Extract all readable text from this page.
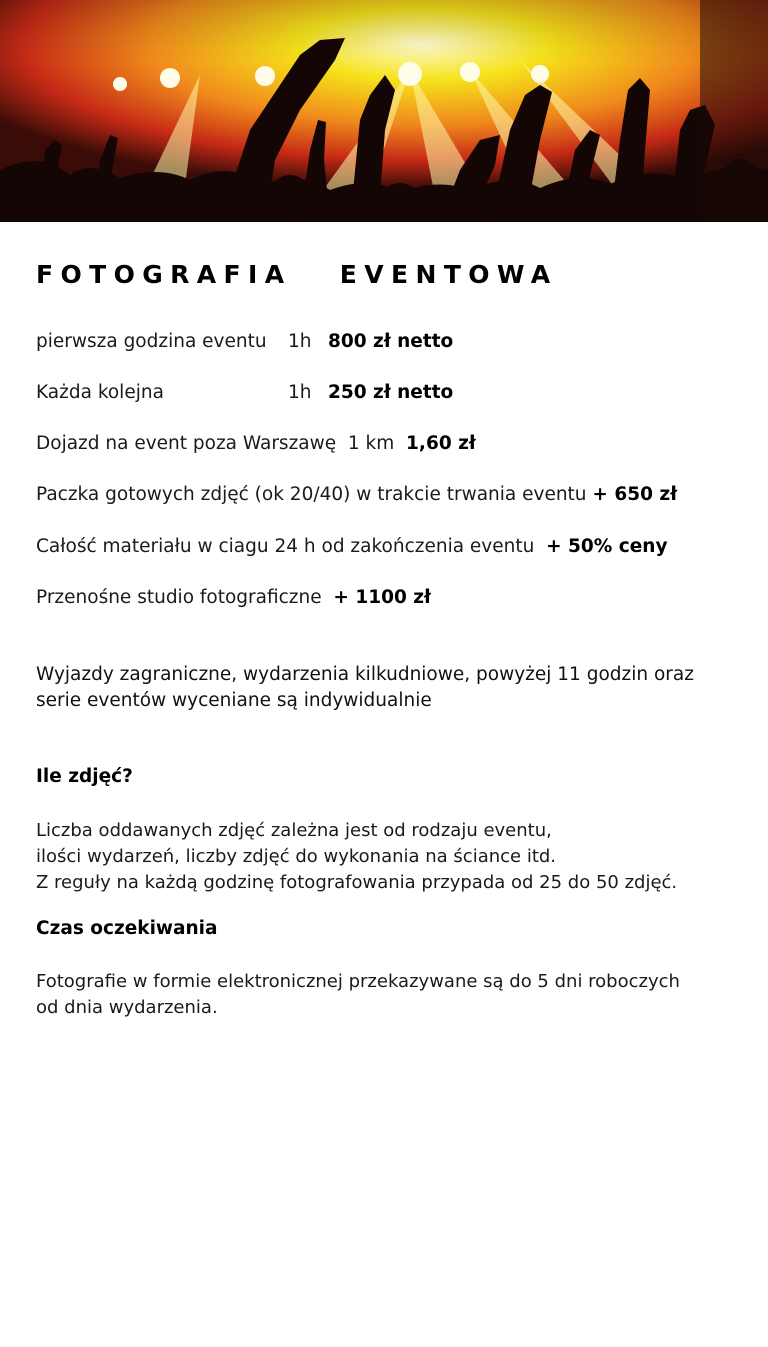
FOTOGRAFIA   EVENTOWA
pierwsza godzina eventu 1h 800 zł netto
Każda kolejna	1h 250 zł netto
Dojazd na event poza Warszawę  1 km 1,60 zł
Paczka gotowych zdjęć (ok 20/40) w trakcie trwania eventu + 650 zł
Całość materiału w ciagu 24 h od zakończenia eventu + 50% ceny
Przenośne studio fotograficzne + 1100 zł
Wyjazdy zagraniczne, wydarzenia kilkudniowe, powyżej 11 godzin oraz
serie eventów wyceniane są indywidualnie
Ile zdjęć?
Liczba oddawanych zdjęć zależna jest od rodzaju eventu,
ilości wydarzeń, liczby zdjęć do wykonania na ściance itd.
Z reguły na każdą godzinę fotografowania przypada od 25 do 50 zdjęć.
Czas oczekiwania
Fotografie w formie elektronicznej przekazywane są do 5 dni roboczych
od dnia wydarzenia.
